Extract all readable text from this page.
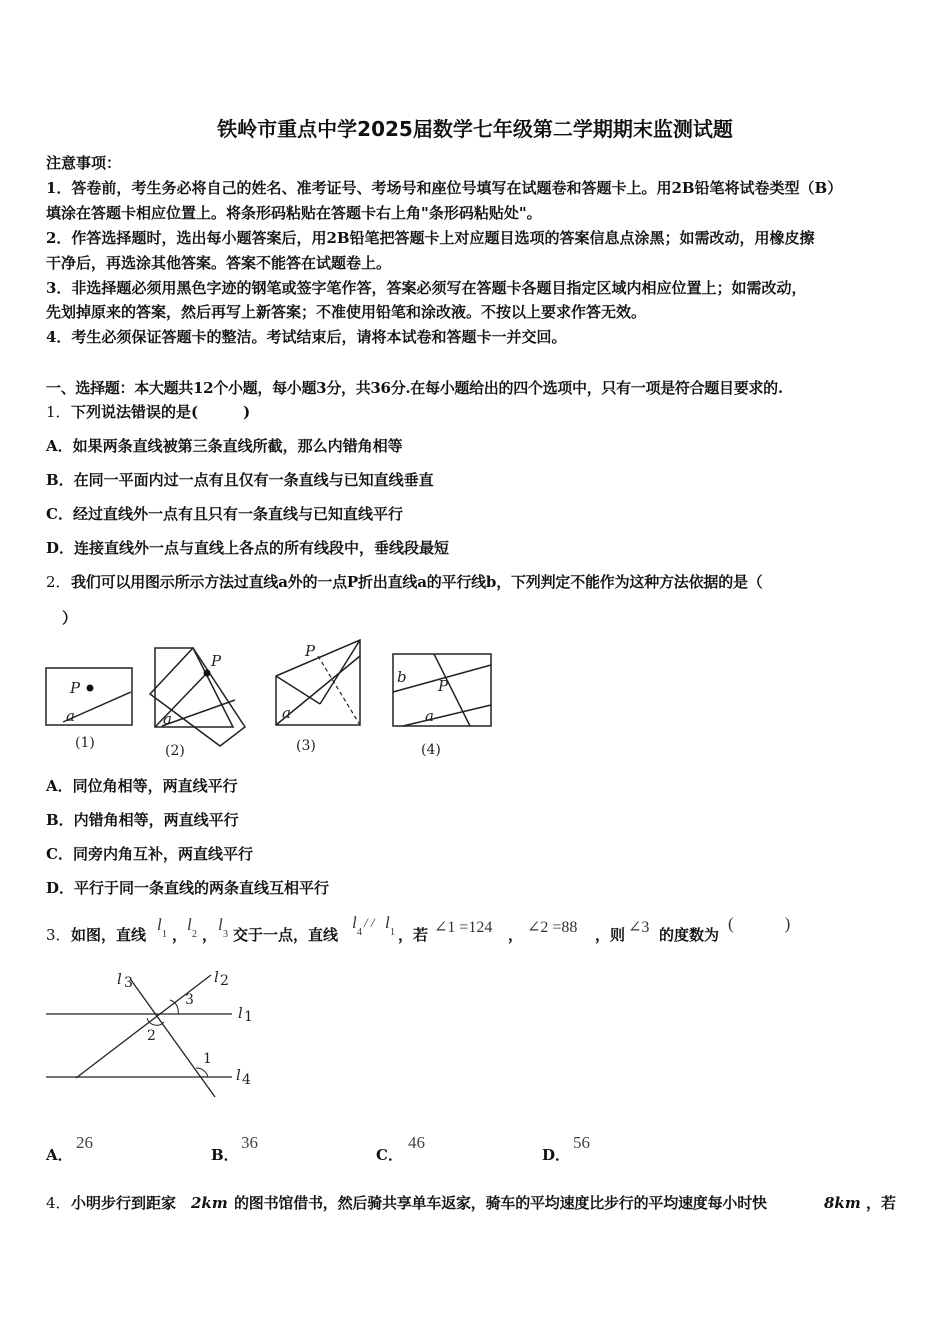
铁岭市重点中学2025届数学七年级第二学期期末监测试题
注意事项：
1．答卷前，考生务必将自己的姓名、准考证号、考场号和座位号填写在试题卷和答题卡上。用2B铅笔将试卷类型（B）
填涂在答题卡相应位置上。将条形码粘贴在答题卡右上角"条形码粘贴处"。
2．作答选择题时，选出每小题答案后，用2B铅笔把答题卡上对应题目选项的答案信息点涂黑；如需改动，用橡皮擦
干净后，再选涂其他答案。答案不能答在试题卷上。
3．非选择题必须用黑色字迹的钢笔或签字笔作答，答案必须写在答题卡各题目指定区域内相应位置上；如需改动，
先划掉原来的答案，然后再写上新答案；不准使用铅笔和涂改液。不按以上要求作答无效。
4．考生必须保证答题卡的整洁。考试结束后，请将本试卷和答题卡一并交回。
一、选择题：本大题共12个小题，每小题3分，共36分.在每小题给出的四个选项中，只有一项是符合题目要求的.
1． 下列说法错误的是(　　　)
A．如果两条直线被第三条直线所截，那么内错角相等
B．在同一平面内过一点有且仅有一条直线与已知直线垂直
C．经过直线外一点有且只有一条直线与已知直线平行
D．连接直线外一点与直线上各点的所有线段中，垂线段最短
2． 我们可以用图示所示方法过直线a外的一点P折出直线a的平行线b，下列判定不能作为这种方法依据的是（
）
P
a
(1)
P
a
(2)
P
a
(3)
b P
a
(4)
A．同位角相等，两直线平行
B．内错角相等，两直线平行
C．同旁内角互补，两直线平行
D．平行于同一条直线的两条直线互相平行
3． 如图，直线
l
1 ，
l
2 ，
l
3 交于一点，直线
l
4
/ / l
1 ，若 ∠1 =124 ， ∠2 =88 ，则 ∠3 的度数为
(　　　)
l 3	l 2
l 1
l 4
3
2
1
A．
26
B．
36
C．
46
D．
56
4． 小明步行到距家 2km 的图书馆借书，然后骑共享单车返家，骑车的平均速度比步行的平均速度每小时快	8km ，若
